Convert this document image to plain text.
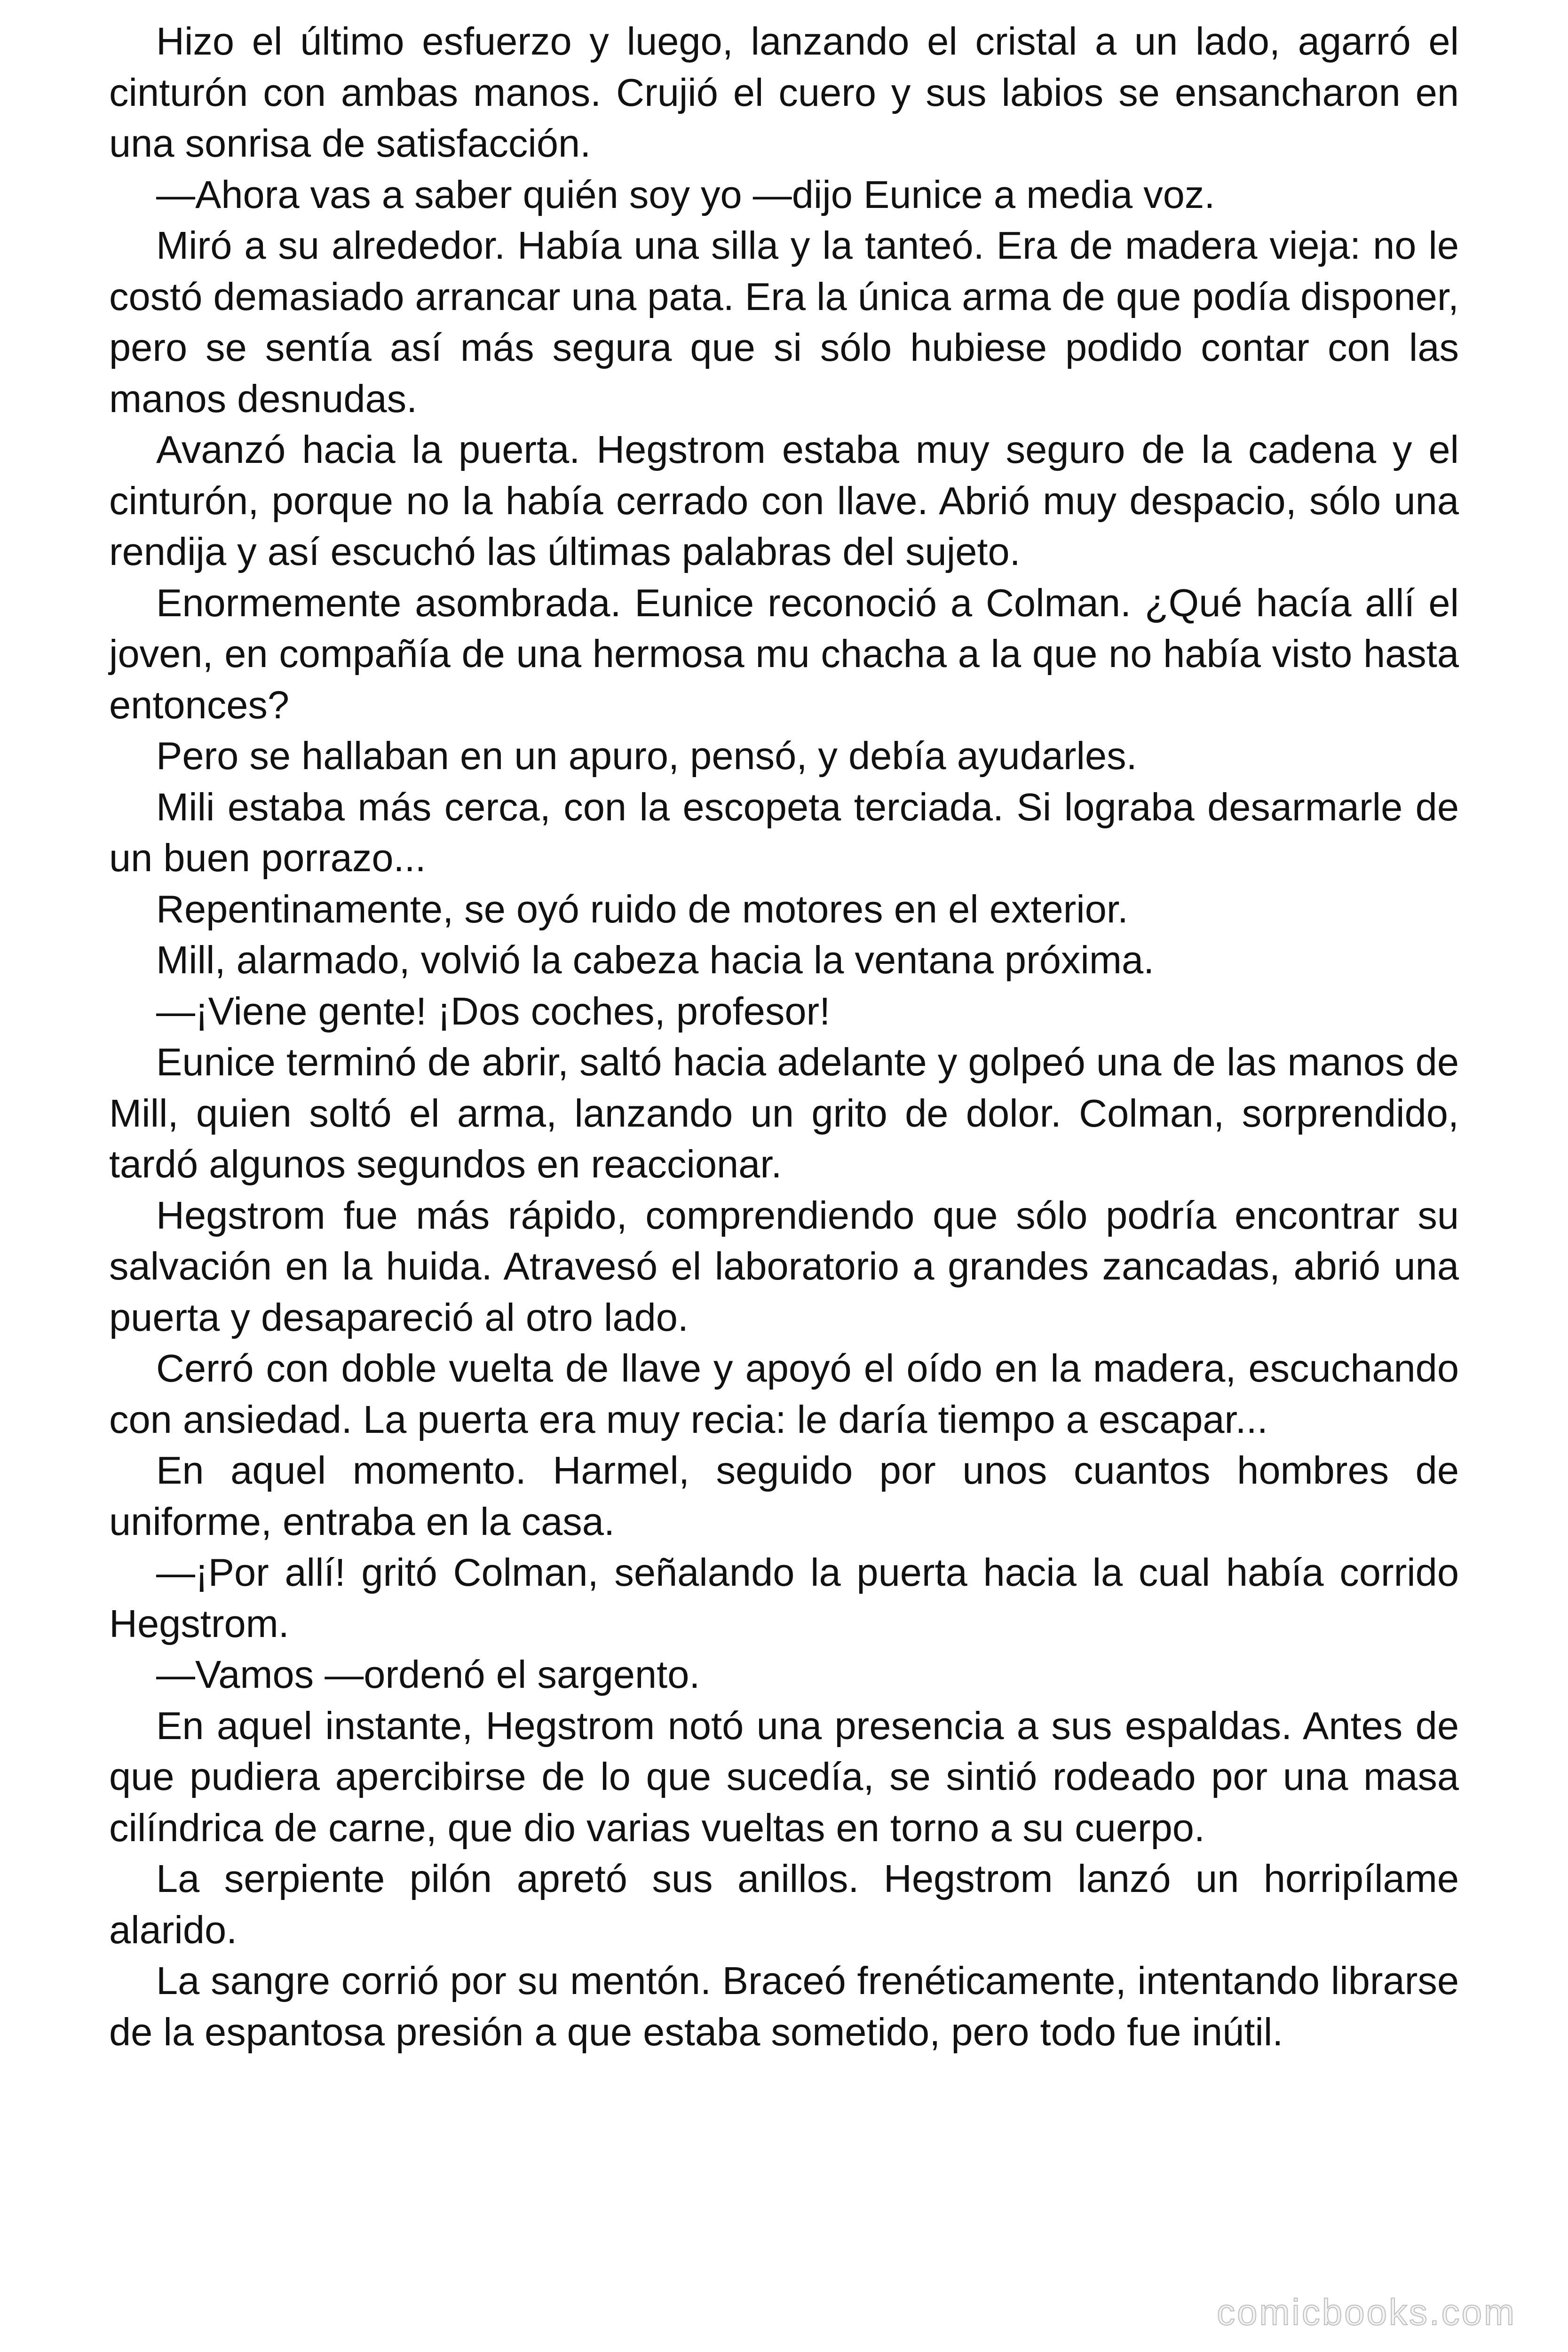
Hizo el último esfuerzo y luego, lanzando el cristal a un lado, agarró el cinturón con ambas manos. Crujió el cuero y sus labios se ensancharon en una sonrisa de satisfacción.

—Ahora vas a saber quién soy yo —dijo Eunice a media voz.

Miró a su alrededor. Había una silla y la tanteó. Era de madera vieja: no le costó demasiado arrancar una pata. Era la única arma de que podía disponer, pero se sentía así más segura que si sólo hubiese podido contar con las manos desnudas.

Avanzó hacia la puerta. Hegstrom estaba muy seguro de la cadena y el cinturón, porque no la había cerrado con llave. Abrió muy despacio, sólo una rendija y así escuchó las últimas palabras del sujeto.

Enormemente asombrada. Eunice reconoció a Colman. ¿Qué hacía allí el joven, en compañía de una hermosa mu chacha a la que no había visto hasta entonces?

Pero se hallaban en un apuro, pensó, y debía ayudarles.

Mili estaba más cerca, con la escopeta terciada. Si lograba desarmarle de un buen porrazo...

Repentinamente, se oyó ruido de motores en el exterior.

Mill, alarmado, volvió la cabeza hacia la ventana próxima.

—¡Viene gente! ¡Dos coches, profesor!

Eunice terminó de abrir, saltó hacia adelante y golpeó una de las manos de Mill, quien soltó el arma, lanzando un grito de dolor. Colman, sorprendido, tardó algunos segundos en reaccionar.

Hegstrom fue más rápido, comprendiendo que sólo podría encontrar su salvación en la huida. Atravesó el laboratorio a grandes zancadas, abrió una puerta y desapareció al otro lado.

Cerró con doble vuelta de llave y apoyó el oído en la madera, escuchando con ansiedad. La puerta era muy recia: le daría tiempo a escapar...

En aquel momento. Harmel, seguido por unos cuantos hombres de uniforme, entraba en la casa.

—¡Por allí! gritó Colman, señalando la puerta hacia la cual había corrido Hegstrom.

—Vamos —ordenó el sargento.

En aquel instante, Hegstrom notó una presencia a sus espaldas. Antes de que pudiera apercibirse de lo que sucedía, se sintió rodeado por una masa cilíndrica de carne, que dio varias vueltas en torno a su cuerpo.

La serpiente pilón apretó sus anillos. Hegstrom lanzó un horripílame alarido.

La sangre corrió por su mentón. Braceó frenéticamente, intentando librarse de la espantosa presión a que estaba sometido, pero todo fue inútil.

comicbooks.com
